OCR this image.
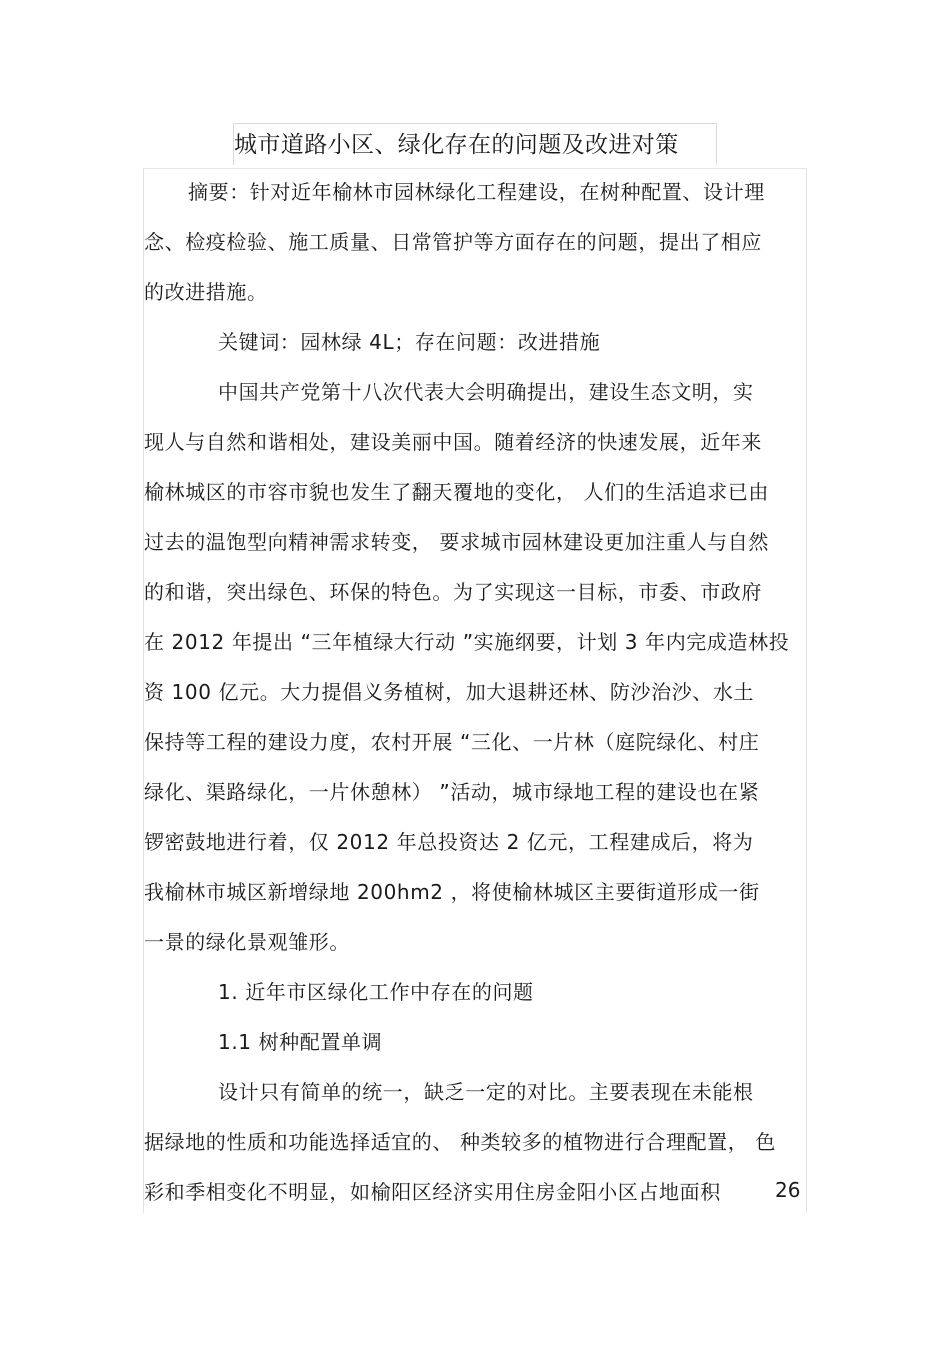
城市道路小区、绿化存在的问题及改进对策
摘要：针对近年榆林市园林绿化工程建设，在树种配置、设计理
念、检疫检验、施工质量、日常管护等方面存在的问题，提出了相应
的改进措施。
关键词：园林绿 4L；存在问题：改进措施
中国共产党第十八次代表大会明确提出，建设生态文明，实
现人与自然和谐相处，建设美丽中国。随着经济的快速发展，近年来
榆林城区的市容市貌也发生了翻天覆地的变化， 人们的生活追求已由
过去的温饱型向精神需求转变， 要求城市园林建设更加注重人与自然
的和谐，突出绿色、环保的特色。为了实现这一目标，市委、市政府
在 2012 年提出 “三年植绿大行动 ”实施纲要，计划 3 年内完成造林投
资 100 亿元。大力提倡义务植树，加大退耕还林、防沙治沙、水土
保持等工程的建设力度，农村开展 “三化、一片林（庭院绿化、村庄
绿化、渠路绿化，一片休憩林） ”活动，城市绿地工程的建设也在紧
锣密鼓地进行着，仅 2012 年总投资达 2 亿元，工程建成后，将为
我榆林市城区新增绿地 200hm2 ，将使榆林城区主要街道形成一街
一景的绿化景观雏形。
1. 近年市区绿化工作中存在的问题
1.1 树种配置单调
设计只有简单的统一，缺乏一定的对比。主要表现在未能根
据绿地的性质和功能选择适宜的、 种类较多的植物进行合理配置， 色
彩和季相变化不明显，如榆阳区经济实用住房金阳小区占地面积	26
